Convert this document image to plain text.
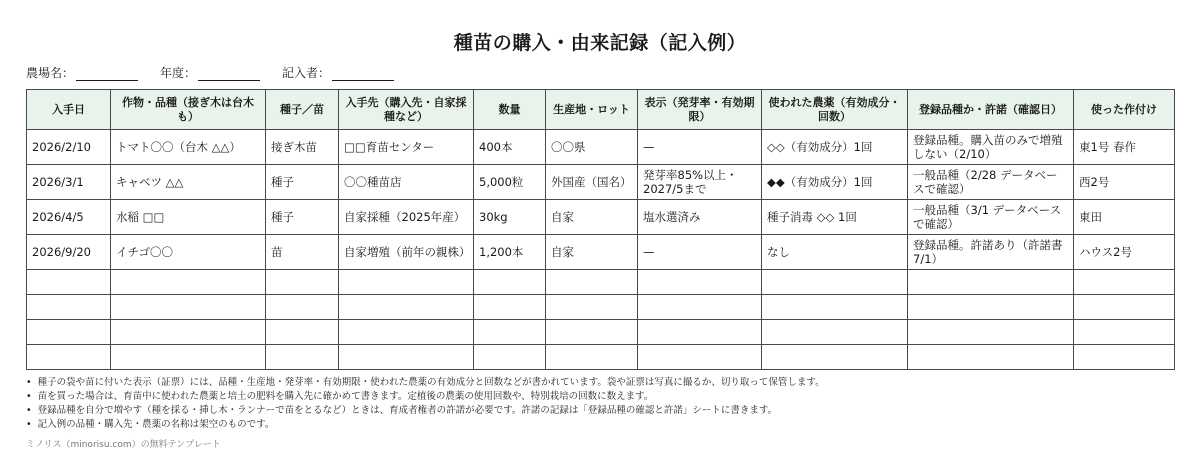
種苗の購入・由来記録（記入例）
農場名：	年度：	記入者：
入手日	作物・品種（接ぎ木は台木も）	種子／苗	入手先（購入先・自家採種など）	数量	生産地・ロット	表示（発芽率・有効期限）	使われた農薬（有効成分・回数）	登録品種か・許諾（確認日）	使った作付け
2026/2/10	トマト〇〇（台木 △△）	接ぎ木苗	□□育苗センター	400本	〇〇県	—	◇◇（有効成分）1回	登録品種。購入苗のみで増殖しない（2/10）	東1号 春作
2026/3/1	キャベツ △△	種子	〇〇種苗店	5,000粒	外国産（国名）	発芽率85%以上・2027/5まで	◆◆（有効成分）1回	一般品種（2/28 データベースで確認）	西2号
2026/4/5	水稲 □□	種子	自家採種（2025年産）	30kg	自家	塩水選済み	種子消毒 ◇◇ 1回	一般品種（3/1 データベースで確認）	東田
2026/9/20	イチゴ〇〇	苗	自家増殖（前年の親株）	1,200本	自家	—	なし	登録品種。許諾あり（許諾書 7/1）	ハウス2号

• 種子の袋や苗に付いた表示（証票）には、品種・生産地・発芽率・有効期限・使われた農薬の有効成分と回数などが書かれています。袋や証票は写真に撮るか、切り取って保管します。
• 苗を買った場合は、育苗中に使われた農薬と培土の肥料を購入先に確かめて書きます。定植後の農薬の使用回数や、特別栽培の回数に数えます。
• 登録品種を自分で増やす（種を採る・挿し木・ランナーで苗をとるなど）ときは、育成者権者の許諾が必要です。許諾の記録は「登録品種の確認と許諾」シートに書きます。
• 記入例の品種・購入先・農薬の名称は架空のものです。
ミノリス（minorisu.com）の無料テンプレート
